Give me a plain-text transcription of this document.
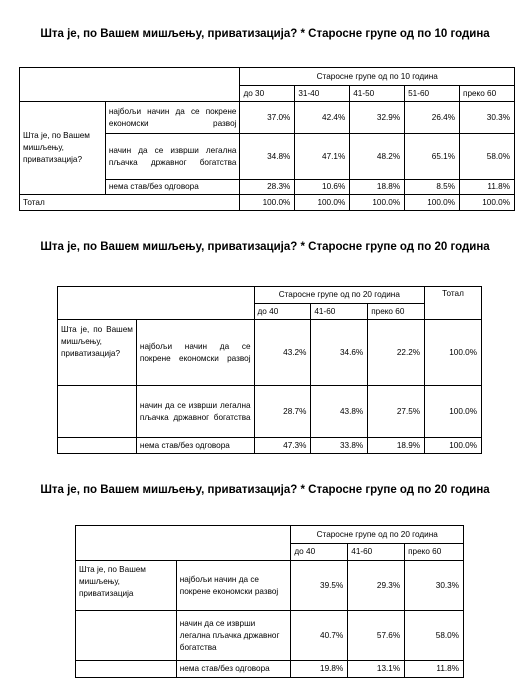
Шта је, по Вашем мишљењу, приватизација? * Старосне групе од по 10 година
		Старосне групе од по 10 година				
		до 30	31-40	41-50	51-60	преко 60
Шта је, по Вашем мишљењу, приватизација?	најбољи начин да се покрене економски развој	37.0%	42.4%	32.9%	26.4%	30.3%
	начин да се изврши легална пљачка државног богатства	34.8%	47.1%	48.2%	65.1%	58.0%
	нема став/без одговора	28.3%	10.6%	18.8%	8.5%	11.8%
Тотал		100.0%	100.0%	100.0%	100.0%	100.0%
Шта је, по Вашем мишљењу, приватизација? * Старосне групе од по 20 година
		Старосне групе од по 20 година			Тотал
		до 40	41-60	преко 60	
Шта је, по Вашем мишљењу, приватизација?	најбољи начин да се покрене економски развој	43.2%	34.6%	22.2%	100.0%
	начин да се изврши легална пљачка државног богатства	28.7%	43.8%	27.5%	100.0%
	нема став/без одговора	47.3%	33.8%	18.9%	100.0%
Шта је, по Вашем мишљењу, приватизација? * Старосне групе од по 20 година
		Старосне групе од по 20 година		
		до 40	41-60	преко 60
Шта је, по Вашем мишљењу, приватизација	најбољи начин да се покрене економски развој	39.5%	29.3%	30.3%
	начин да се изврши легална пљачка државног богатства	40.7%	57.6%	58.0%
	нема став/без одговора	19.8%	13.1%	11.8%
